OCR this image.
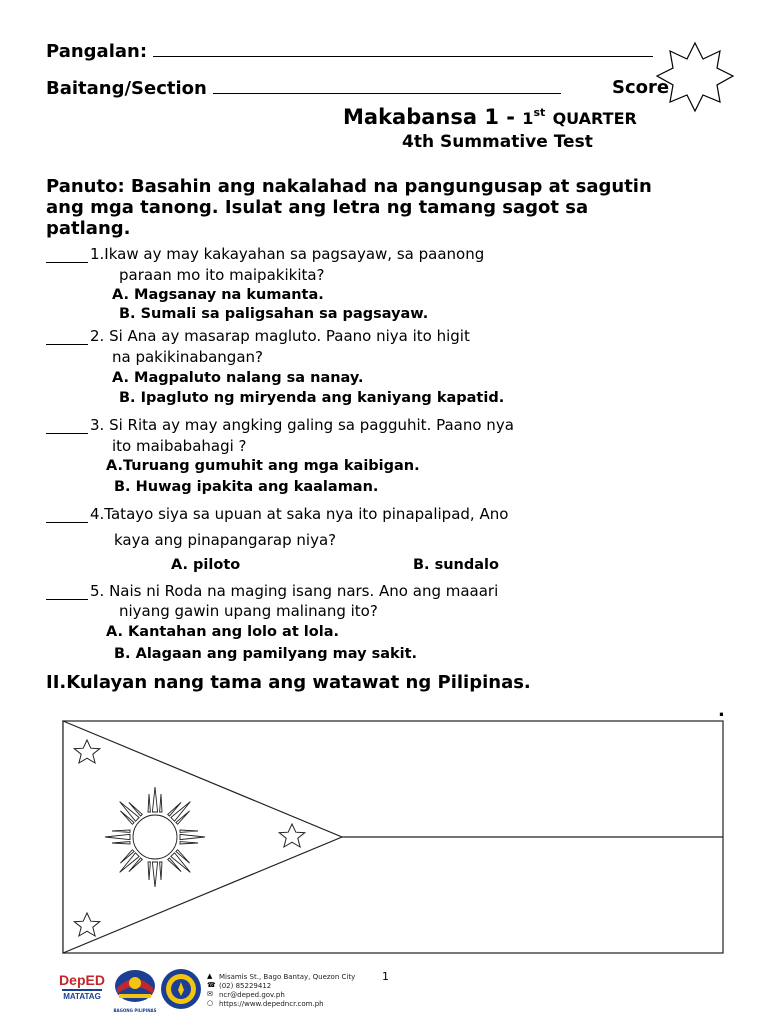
Pangalan:
Baitang/Section	Score
Makabansa 1 - 1st QUARTER
4th Summative Test
Panuto: Basahin ang nakalahad na pangungusap at sagutin
ang mga tanong. Isulat ang letra ng tamang sagot sa
patlang.
1.Ikaw ay may kakayahan sa pagsayaw, sa paanong
paraan mo ito maipakikita?
A. Magsanay na kumanta.
B. Sumali sa paligsahan sa pagsayaw.
2. Si Ana ay masarap magluto. Paano niya ito higit
na pakikinabangan?
A. Magpaluto nalang sa nanay.
B. Ipagluto ng miryenda ang kaniyang kapatid.
3. Si Rita ay may angking galing sa pagguhit. Paano nya
ito maibabahagi ?
A.Turuang gumuhit ang mga kaibigan.
B. Huwag ipakita ang kaalaman.
4.Tatayo siya sa upuan at saka nya ito pinapalipad, Ano
kaya ang pinapangarap niya?
A. piloto	B. sundalo
5. Nais ni Roda na maging isang nars. Ano ang maaari
niyang gawin upang malinang ito?
A. Kantahan ang lolo at lola.
B. Alagaan ang pamilyang may sakit.
II.Kulayan nang tama ang watawat ng Pilipinas.
.
DepED
MATATAG
BAGONG PILIPINAS
▲
☎
✉
○
Misamis St., Bago Bantay, Quezon City
(02) 85229412
ncr@deped.gov.ph
https://www.depedncr.com.ph
1
